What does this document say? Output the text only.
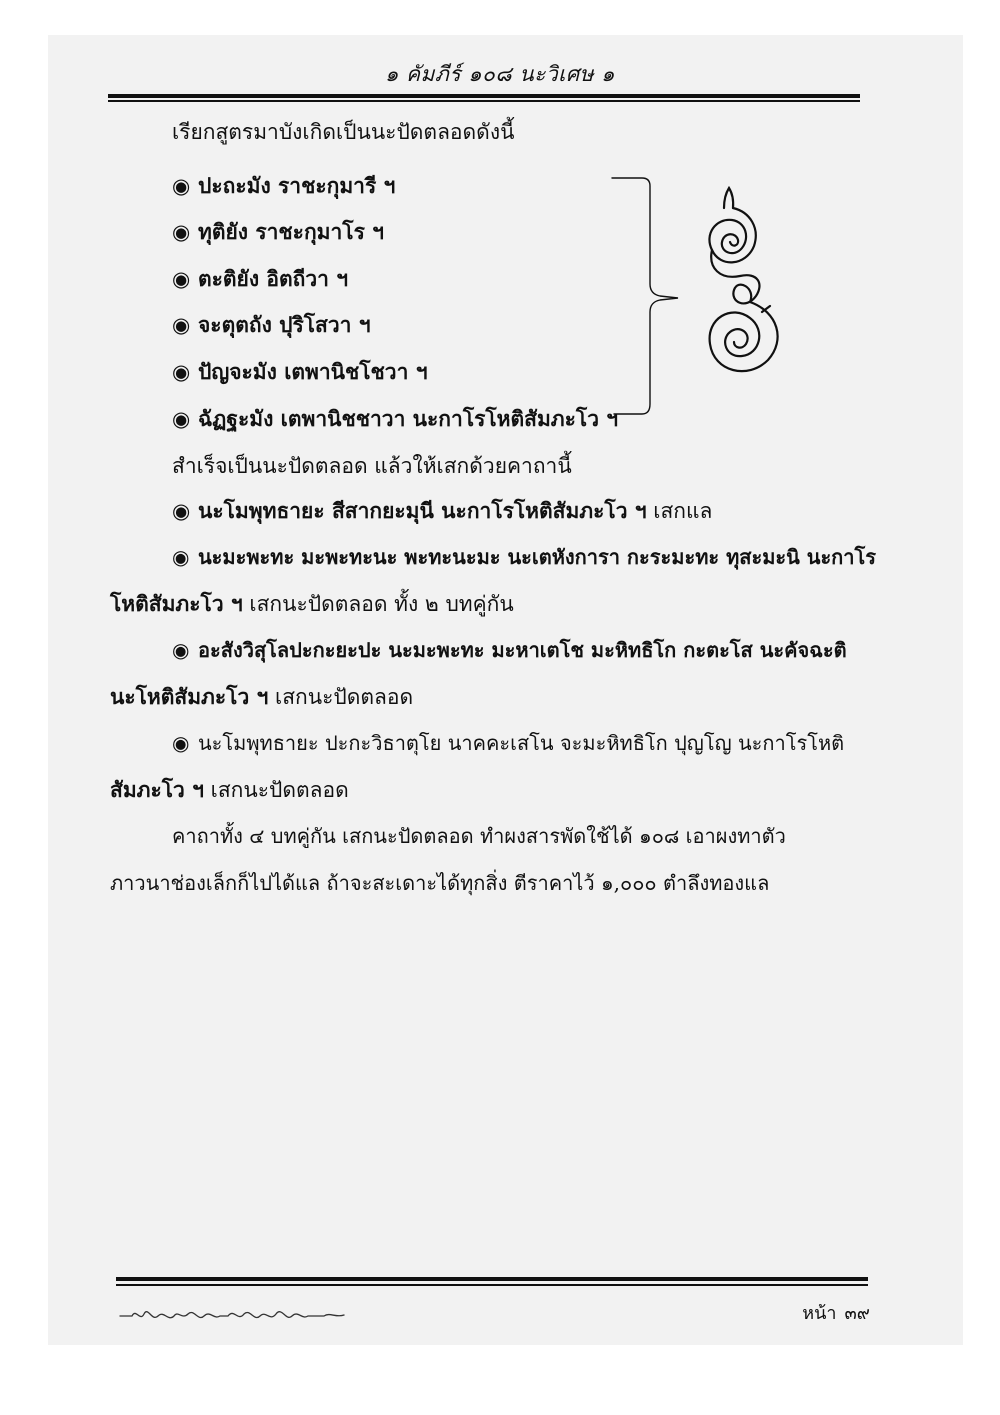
๑ คัมภีร์ ๑๐๘ นะวิเศษ ๑
เรียกสูตรมาบังเกิดเป็นนะปัดตลอดดังนี้
◉ ปะถะมัง ราชะกุมารี ฯ
◉ ทุติยัง ราชะกุมาโร ฯ
◉ ตะติยัง อิตถีวา ฯ
◉ จะตุตถัง ปุริโสวา ฯ
◉ ปัญจะมัง เตพานิชโชวา ฯ
◉ ฉัฏฐะมัง เตพานิชชาวา นะกาโรโหติสัมภะโว ฯ
สำเร็จเป็นนะปัดตลอด แล้วให้เสกด้วยคาถานี้
◉ นะโมพุทธายะ สีสากยะมุนี นะกาโรโหติสัมภะโว ฯ เสกแล
◉ นะมะพะทะ มะพะทะนะ พะทะนะมะ นะเตหังการา กะระมะทะ ทุสะมะนิ นะกาโร
โหติสัมภะโว ฯ เสกนะปัดตลอด ทั้ง ๒ บทคู่กัน
◉ อะสังวิสุโลปะกะยะปะ นะมะพะทะ มะหาเตโช มะหิทธิโก กะตะโส นะคัจฉะติ
นะโหติสัมภะโว ฯ เสกนะปัดตลอด
◉ นะโมพุทธายะ ปะกะวิธาตุโย นาคคะเสโน จะมะหิทธิโก ปุญโญ นะกาโรโหติ
สัมภะโว ฯ เสกนะปัดตลอด
คาถาทั้ง ๔ บทคู่กัน เสกนะปัดตลอด ทำผงสารพัดใช้ได้ ๑๐๘ เอาผงทาตัว
ภาวนาช่องเล็กก็ไปได้แล ถ้าจะสะเดาะได้ทุกสิ่ง ตีราคาไว้ ๑,๐๐๐ ตำลึงทองแล
หน้า ๓๙
